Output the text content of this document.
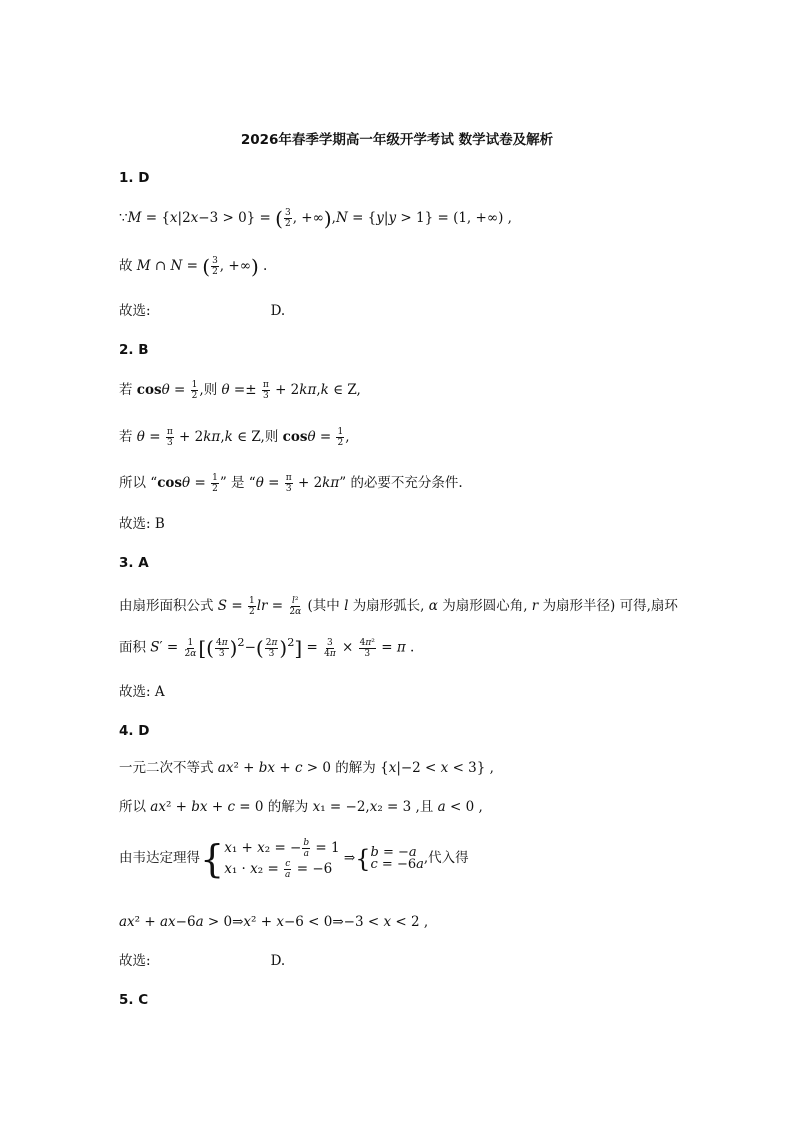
2026年春季学期高一年级开学考试 数学试卷及解析
1. D
∵M = {x|2x−3 > 0} = ( $\frac{3}{2}$ , +∞),N = {y|y > 1} = (1, +∞) ,
故 M ∩ N = ( $\frac{3}{2}$ , +∞) .
故选:	D.
2. B
若 $\cos\theta = \frac{1}{2}$ ,则 $\theta =\pm \frac{\pi}{3} + 2k\pi,k$ ∈ Z,
若 $\theta = \frac{\pi}{3} + 2k\pi,k$ ∈ Z,则 $\cos\theta = \frac{1}{2}$ ,
所以 “$\cos\theta = \frac{1}{2}$ ” 是 “$\theta = \frac{\pi}{3} + 2k\pi$” 的必要不充分条件.
故选: B
3. A
由扇形面积公式 $S = \frac{1}{2}$ lr = $\frac{\text{l²}}{2\alpha}$ (其中 l 为扇形弧长, α 为扇形圆心角, r 为扇形半径) 可得,扇环
面积 $S' = \frac{1}{2\alpha}$ [( $\frac{4\pi}{3} )^2-( \frac{2\pi}{3} )^2] = \frac{3}{4\pi} \times \frac{\text{4π²}}{3} = \pi$ .
故选: A
4. D
一元二次不等式 ax² + bx + c > 0 的解为 {x|−2 < x < 3} ,
所以 ax² + bx + c = 0 的解为 x₁ = −2,x₂ = 3 ,且 a < 0 ,
由韦达定理得 { x₁ + x₂ = − $\frac{b}{a} = 1$
$x_1 \cdot x_2 = \frac{c}{a} = -6$
⇒ { b = −a
c = −6a ,代入得
ax² + ax−6a > 0⇒x² + x−6 < 0⇒−3 < x < 2 ,
故选:	D.
5. C
